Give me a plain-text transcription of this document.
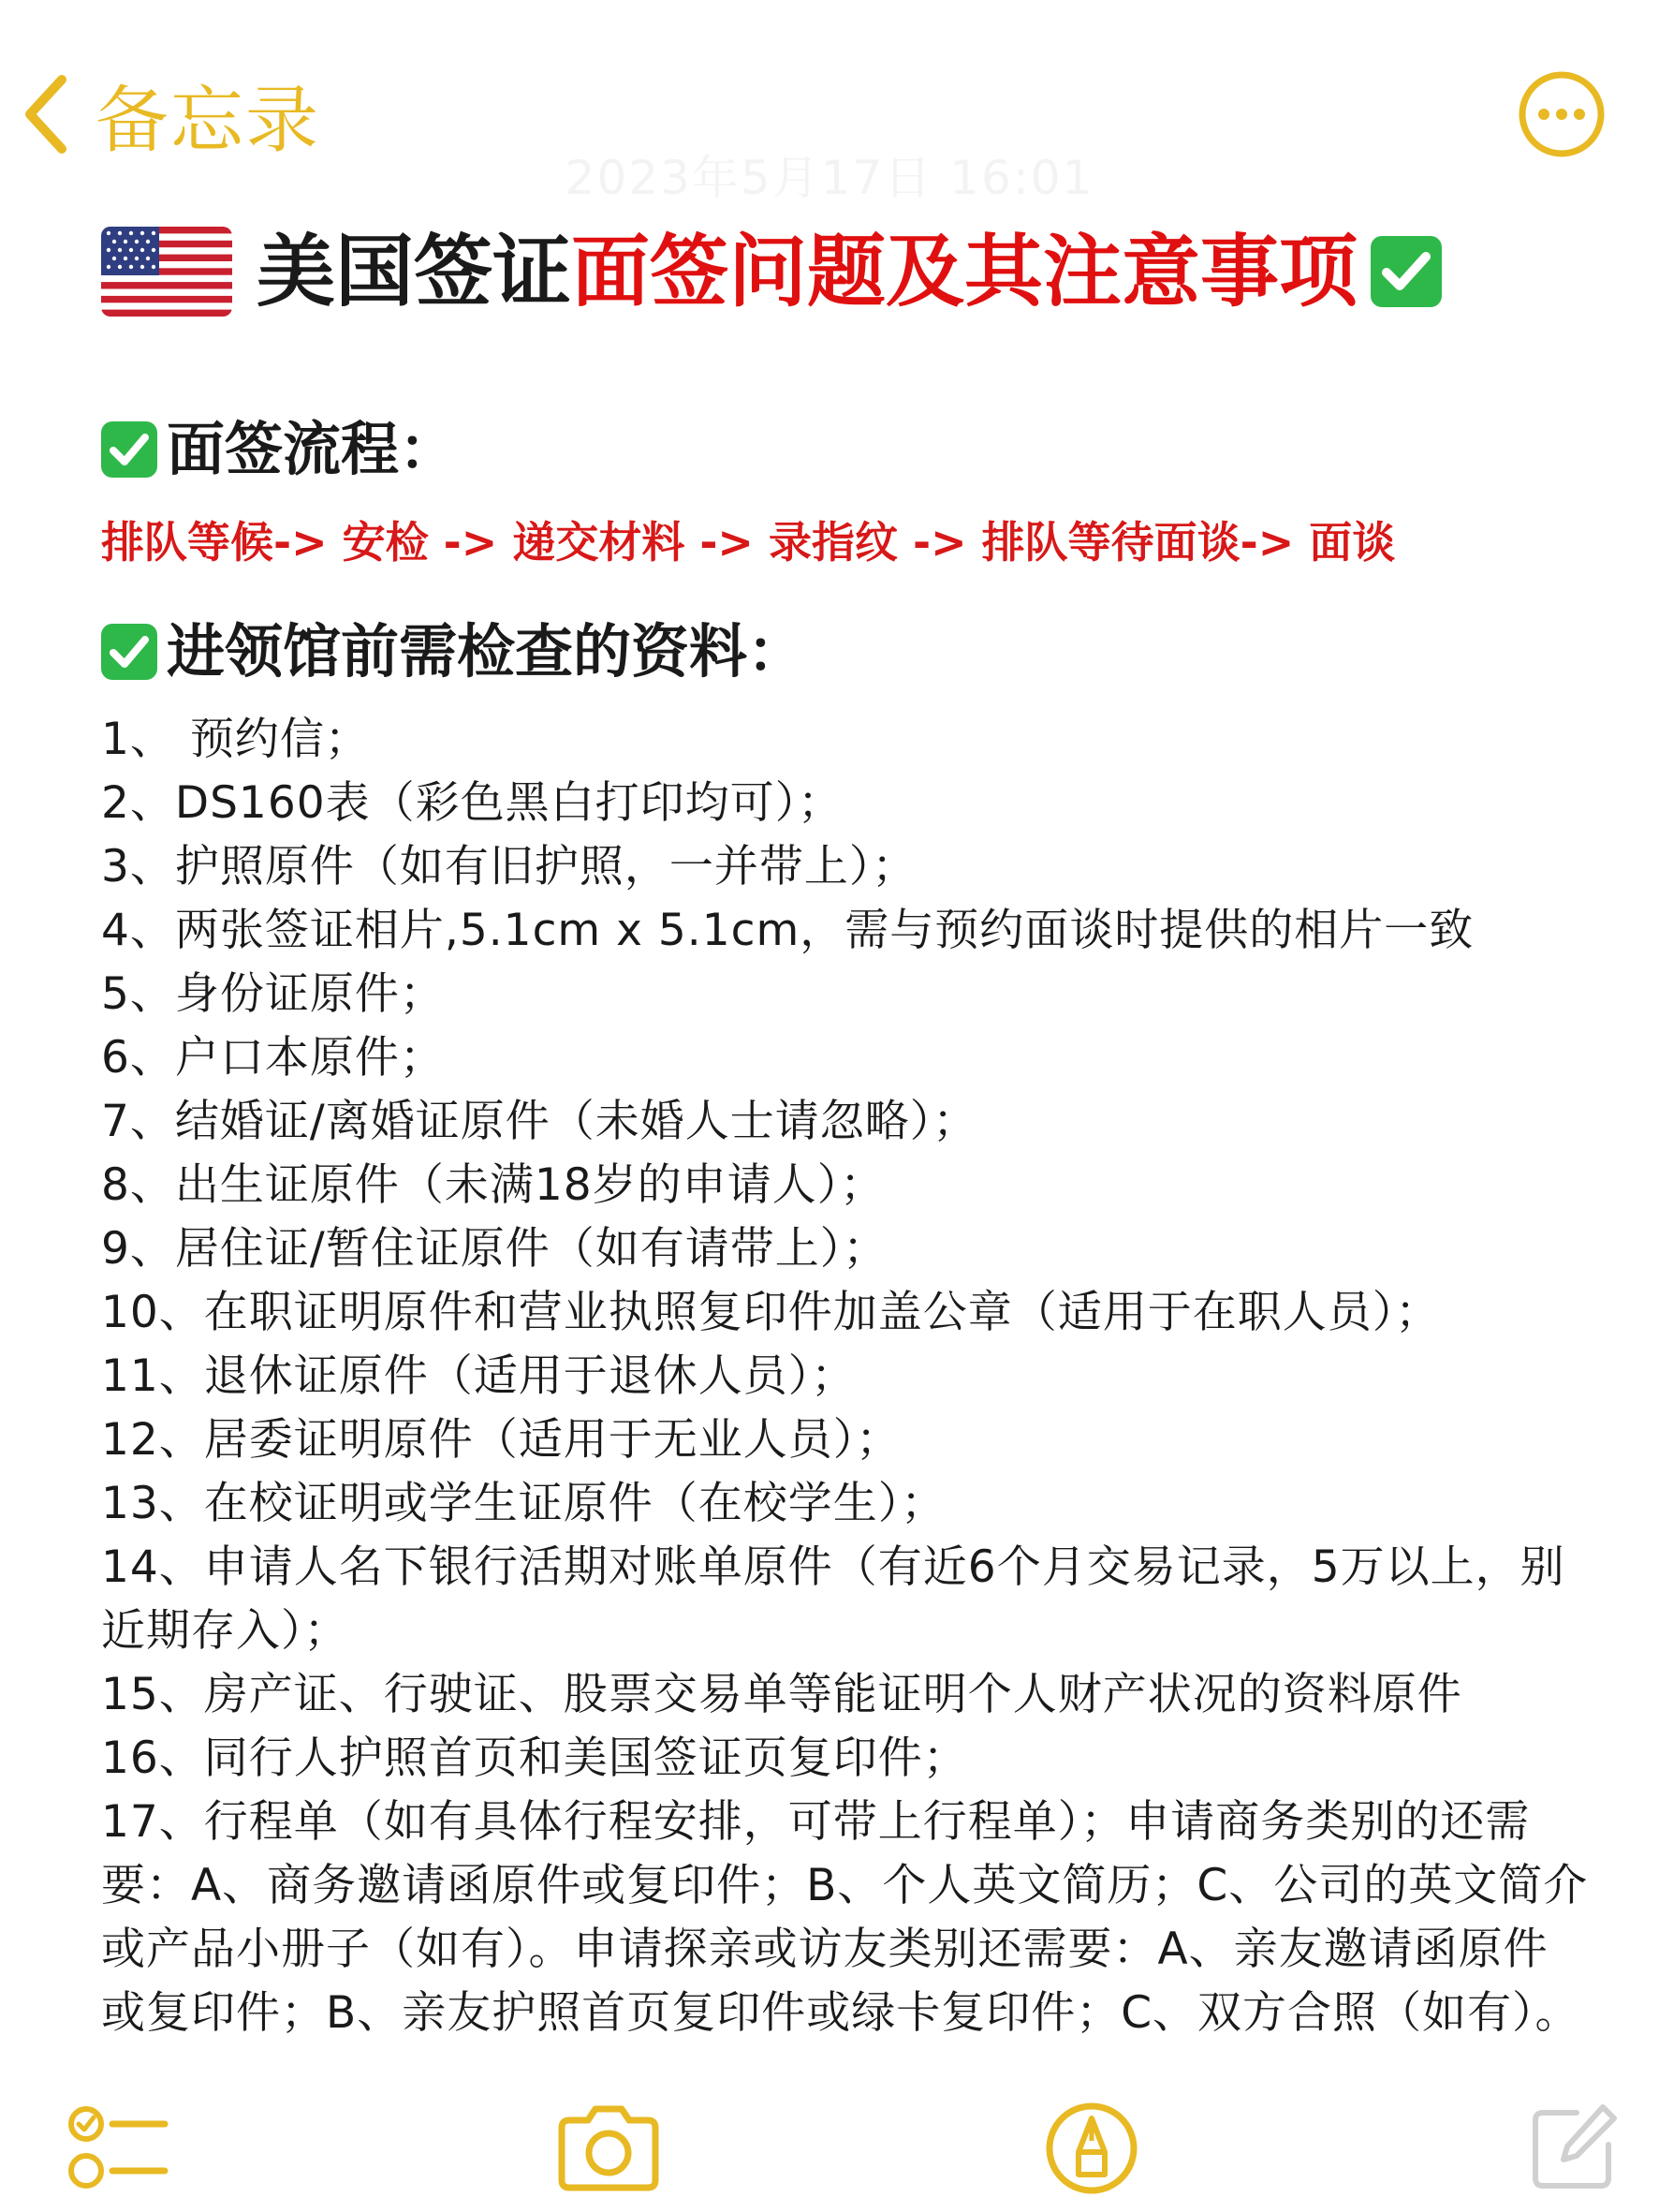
备忘录
2023年5月17日 16:01
美国签证 面签问题及其 注意事项
面签流程：
排队等候-> 安检 -> 递交材料 -> 录指纹 -> 排队等待面谈-> 面谈
进领馆前需检查的资料：
1、 预约信；
2、DS160表（彩色黑白打印均可）；
3、护照原件（如有旧护照，一并带上）；
4、两张签证相片,5.1cm x 5.1cm，需与预约面谈时提供的相片一致
5、身份证原件；
6、户口本原件；
7、结婚证/离婚证原件（未婚人士请忽略）；
8、出生证原件（未满18岁的申请人）；
9、居住证/暂住证原件（如有请带上）；
10、在职证明原件和营业执照复印件加盖公章（适用于在职人员）；
11、退休证原件（适用于退休人员）；
12、居委证明原件（适用于无业人员）；
13、在校证明或学生证原件（在校学生）；
14、申请人名下银行活期对账单原件（有近6个月交易记录，5万以上，别近期存入）；
15、房产证、行驶证、股票交易单等能证明个人财产状况的资料原件
16、同行人护照首页和美国签证页复印件；
17、行程单（如有具体行程安排，可带上行程单）；申请商务类别的还需要：A、商务邀请函原件或复印件；B、个人英文简历；C、公司的英文简介或产品小册子（如有）。申请探亲或访友类别还需要：A、亲友邀请函原件或复印件；B、亲友护照首页复印件或绿卡复印件；C、双方合照（如有）。
